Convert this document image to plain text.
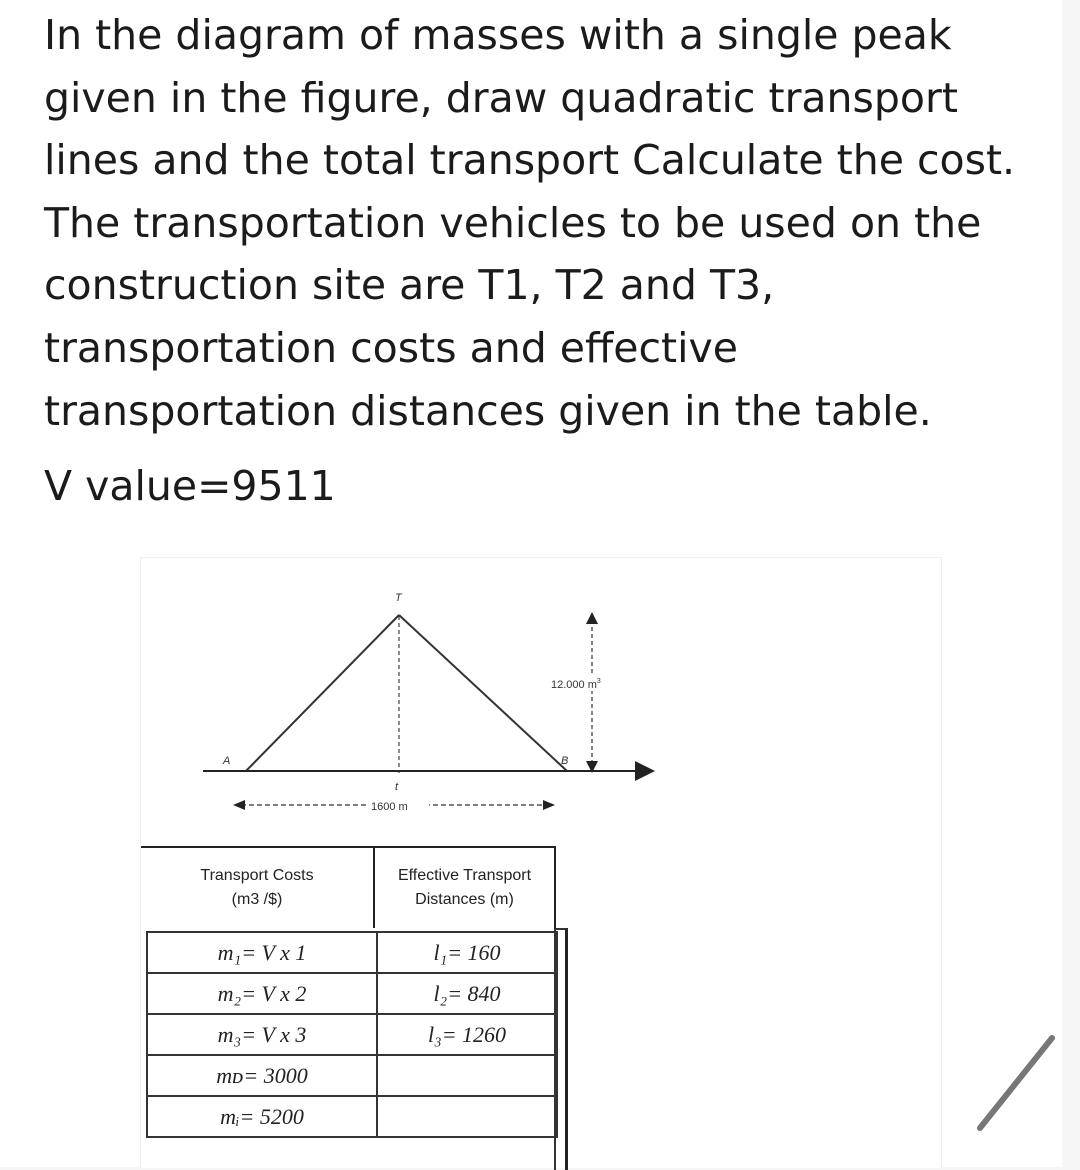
In the diagram of masses with a single peak
given in the figure, draw quadratic transport
lines and the total transport Calculate the cost.
The transportation vehicles to be used on the
construction site are T1, T2 and T3,
transportation costs and effective
transportation distances given in the table.
V value=9511
T
A	B
t
12.000 $m^3$
1600 m
Transport Costs
(m3 /$)
Effective Transport
Distances (m)
m₁= V x 1	l₁= 160
m₂= V x 2	l₂= 840
m₃= V x 3	l₃= 1260
mᴅ= 3000	
mᵢ= 5200	
